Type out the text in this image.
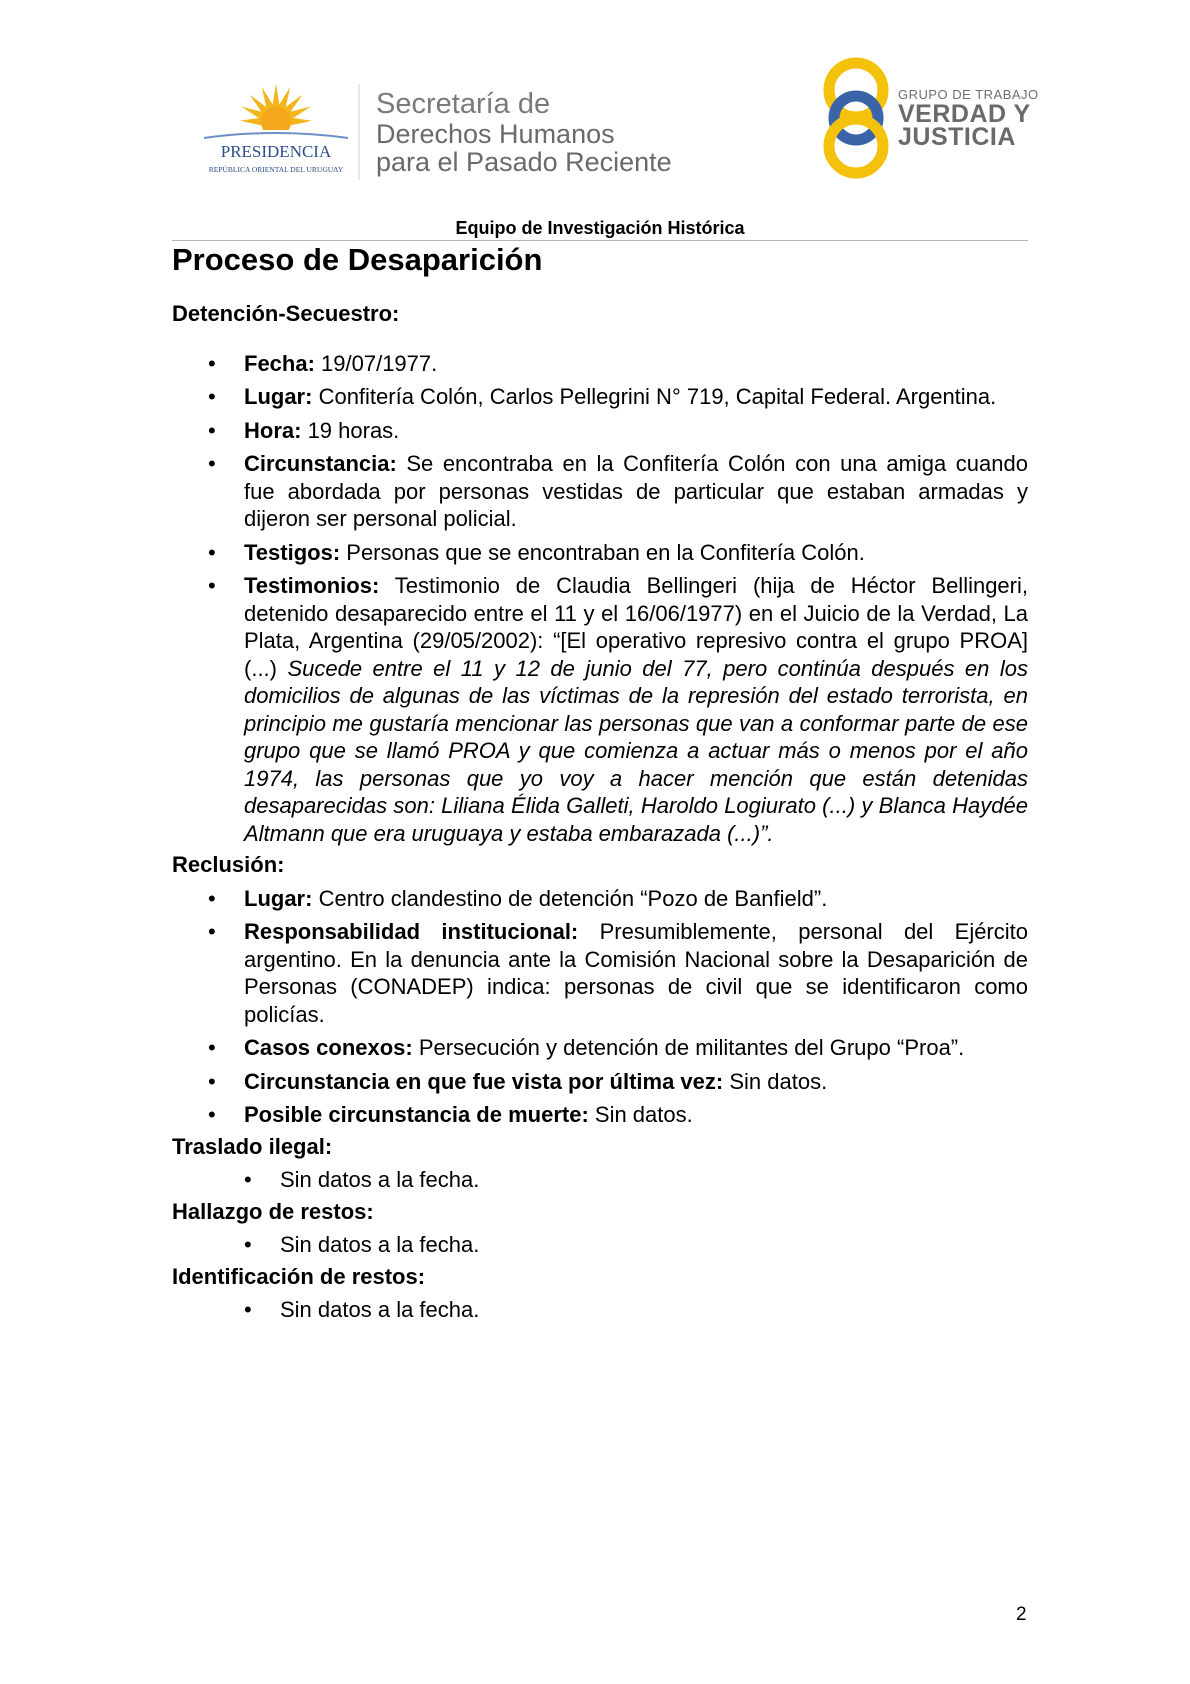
PRESIDENCIA
REPÚBLICA ORIENTAL DEL URUGUAY
Secretaría de
Derechos Humanos
para el Pasado Reciente
GRUPO DE TRABAJO
VERDAD Y
JUSTICIA
Equipo de Investigación Histórica
Proceso de Desaparición

Detención-Secuestro:

• Fecha: 19/07/1977.
• Lugar: Confitería Colón, Carlos Pellegrini N° 719, Capital Federal. Argentina.
• Hora: 19 horas.
• Circunstancia: Se encontraba en la Confitería Colón con una amiga cuando fue abordada por personas vestidas de particular que estaban armadas y dijeron ser personal policial.
• Testigos: Personas que se encontraban en la Confitería Colón.
• Testimonios: Testimonio de Claudia Bellingeri (hija de Héctor Bellingeri, detenido desaparecido entre el 11 y el 16/06/1977) en el Juicio de la Verdad, La Plata, Argentina (29/05/2002): “[El operativo represivo contra el grupo PROA] (...) Sucede entre el 11 y 12 de junio del 77, pero continúa después en los domicilios de algunas de las víctimas de la represión del estado terrorista, en principio me gustaría mencionar las personas que van a conformar parte de ese grupo que se llamó PROA y que comienza a actuar más o menos por el año 1974, las personas que yo voy a hacer mención que están detenidas desaparecidas son: Liliana Élida Galleti, Haroldo Logiurato (...) y Blanca Haydée Altmann que era uruguaya y estaba embarazada (...)”.

Reclusión:

• Lugar: Centro clandestino de detención “Pozo de Banfield”.
• Responsabilidad institucional: Presumiblemente, personal del Ejército argentino. En la denuncia ante la Comisión Nacional sobre la Desaparición de Personas (CONADEP) indica: personas de civil que se identificaron como policías.
• Casos conexos: Persecución y detención de militantes del Grupo “Proa”.
• Circunstancia en que fue vista por última vez: Sin datos.
• Posible circunstancia de muerte: Sin datos.

Traslado ilegal:

• Sin datos a la fecha.

Hallazgo de restos:

• Sin datos a la fecha.

Identificación de restos:

• Sin datos a la fecha.
2
